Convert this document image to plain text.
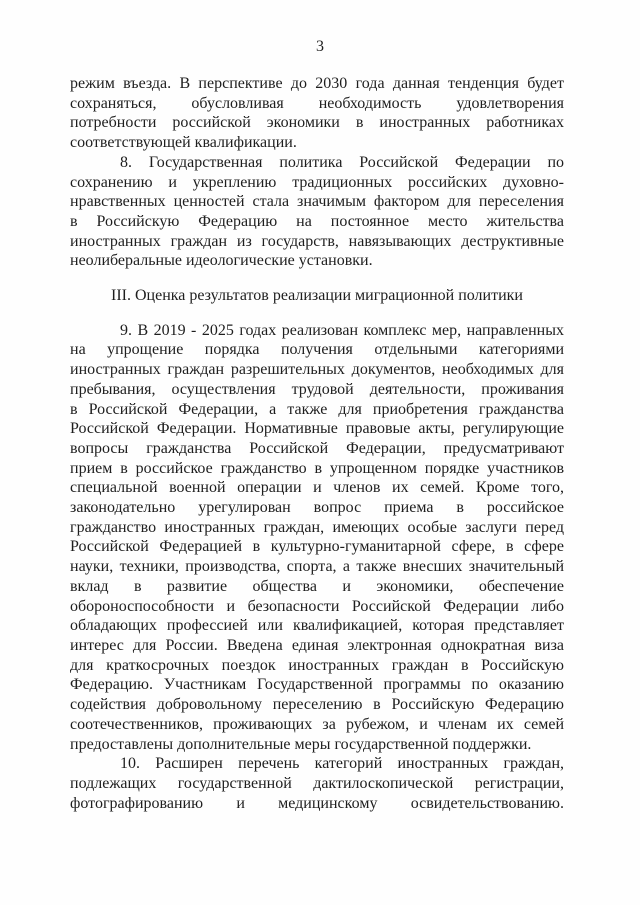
3
режим въезда. В перспективе до 2030 года данная тенденция будет
сохраняться, обусловливая необходимость удовлетворения
потребности российской экономики в иностранных работниках
соответствующей квалификации.
8. Государственная политика Российской Федерации по
сохранению и укреплению традиционных российских духовно-
нравственных ценностей стала значимым фактором для переселения
в Российскую Федерацию на постоянное место жительства
иностранных граждан из государств, навязывающих деструктивные
неолиберальные идеологические установки.
III. Оценка результатов реализации миграционной политики
9. В 2019 - 2025 годах реализован комплекс мер, направленных
на упрощение порядка получения отдельными категориями
иностранных граждан разрешительных документов, необходимых для
пребывания, осуществления трудовой деятельности, проживания
в Российской Федерации, а также для приобретения гражданства
Российской Федерации. Нормативные правовые акты, регулирующие
вопросы гражданства Российской Федерации, предусматривают
прием в российское гражданство в упрощенном порядке участников
специальной военной операции и членов их семей. Кроме того,
законодательно урегулирован вопрос приема в российское
гражданство иностранных граждан, имеющих особые заслуги перед
Российской Федерацией в культурно-гуманитарной сфере, в сфере
науки, техники, производства, спорта, а также внесших значительный
вклад в развитие общества и экономики, обеспечение
обороноспособности и безопасности Российской Федерации либо
обладающих профессией или квалификацией, которая представляет
интерес для России. Введена единая электронная однократная виза
для краткосрочных поездок иностранных граждан в Российскую
Федерацию. Участникам Государственной программы по оказанию
содействия добровольному переселению в Российскую Федерацию
соотечественников, проживающих за рубежом, и членам их семей
предоставлены дополнительные меры государственной поддержки.
10. Расширен перечень категорий иностранных граждан,
подлежащих государственной дактилоскопической регистрации,
фотографированию и медицинскому освидетельствованию.
